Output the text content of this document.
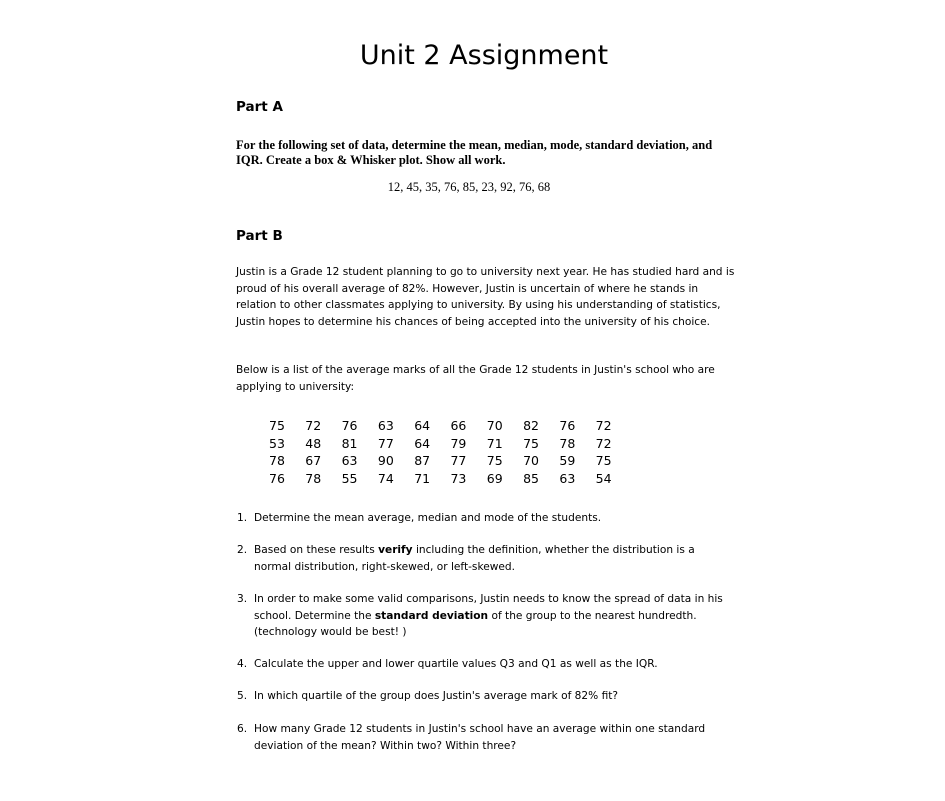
Unit 2 Assignment
Part A

For the following set of data, determine the mean, median, mode, standard deviation, and IQR. Create a box & Whisker plot. Show all work.

12, 45, 35, 76, 85, 23, 92, 76, 68

Part B

Justin is a Grade 12 student planning to go to university next year. He has studied hard and is proud of his overall average of 82%. However, Justin is uncertain of where he stands in relation to other classmates applying to university. By using his understanding of statistics, Justin hopes to determine his chances of being accepted into the university of his choice.

Below is a list of the average marks of all the Grade 12 students in Justin's school who are applying to university:

75	72	76	63	64	66	70	82	76	72
53	48	81	77	64	79	71	75	78	72
78	67	63	90	87	77	75	70	59	75
76	78	55	74	71	73	69	85	63	54
1. Determine the mean average, median and mode of the students.
2. Based on these results verify including the definition, whether the distribution is a normal distribution, right-skewed, or left-skewed.
3. In order to make some valid comparisons, Justin needs to know the spread of data in his school. Determine the standard deviation of the group to the nearest hundredth. (technology would be best! )
4. Calculate the upper and lower quartile values Q3 and Q1 as well as the IQR.
5. In which quartile of the group does Justin's average mark of 82% fit?
6. How many Grade 12 students in Justin's school have an average within one standard deviation of the mean? Within two? Within three?
